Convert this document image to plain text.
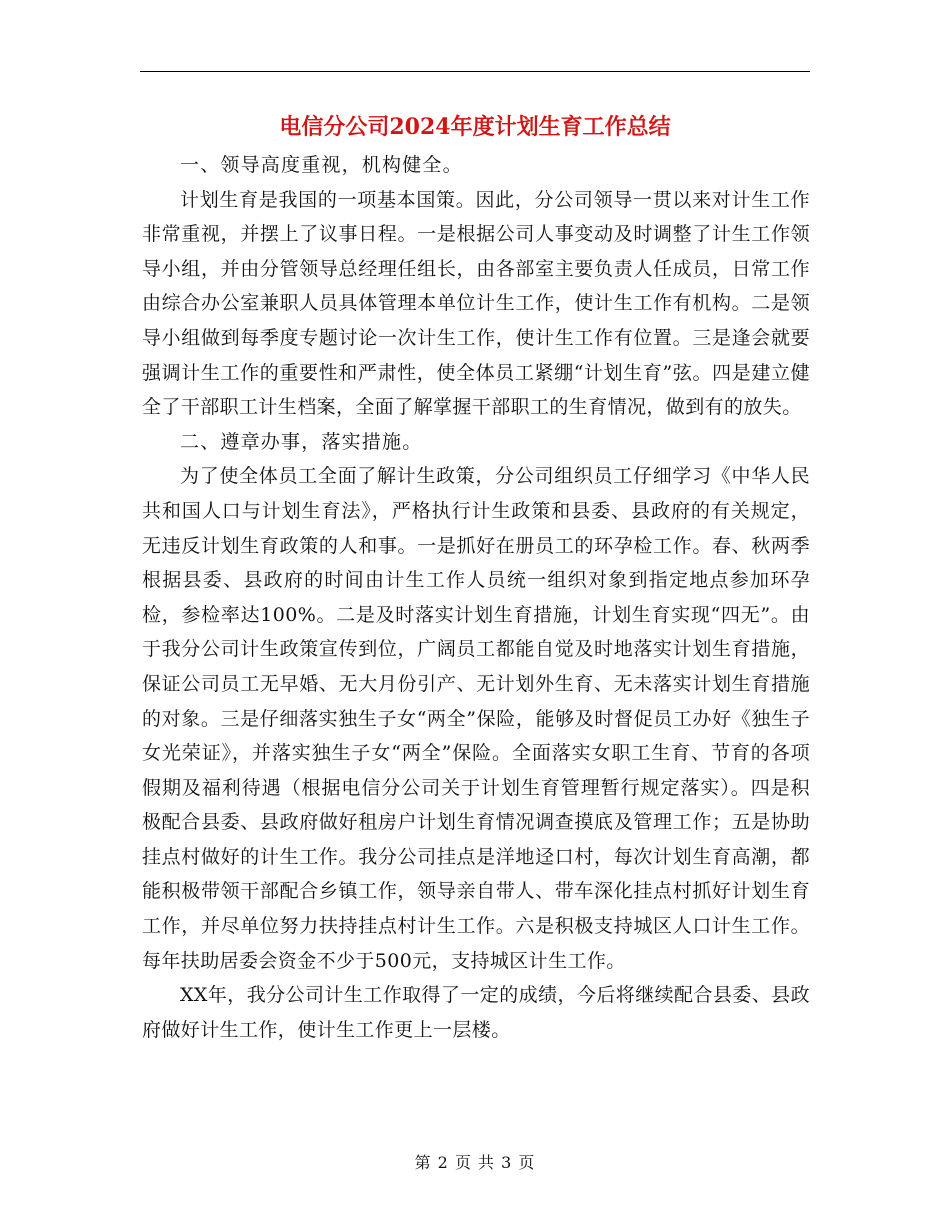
电信分公司2024年度计划生育工作总结

一、领导高度重视，机构健全。

计划生育是我国的一项基本国策。因此，分公司领导一贯以来对计生工作非常重视，并摆上了议事日程。一是根据公司人事变动及时调整了计生工作领导小组，并由分管领导总经理任组长，由各部室主要负责人任成员，日常工作由综合办公室兼职人员具体管理本单位计生工作，使计生工作有机构。二是领导小组做到每季度专题讨论一次计生工作，使计生工作有位置。三是逢会就要强调计生工作的重要性和严肃性，使全体员工紧绷“计划生育”弦。四是建立健全了干部职工计生档案，全面了解掌握干部职工的生育情况，做到有的放失。

二、遵章办事，落实措施。

为了使全体员工全面了解计生政策，分公司组织员工仔细学习《中华人民共和国人口与计划生育法》，严格执行计生政策和县委、县政府的有关规定，无违反计划生育政策的人和事。一是抓好在册员工的环孕检工作。春、秋两季根据县委、县政府的时间由计生工作人员统一组织对象到指定地点参加环孕检，参检率达100%。二是及时落实计划生育措施，计划生育实现“四无”。由于我分公司计生政策宣传到位，广阔员工都能自觉及时地落实计划生育措施，保证公司员工无早婚、无大月份引产、无计划外生育、无未落实计划生育措施的对象。三是仔细落实独生子女“两全”保险，能够及时督促员工办好《独生子女光荣证》，并落实独生子女“两全”保险。全面落实女职工生育、节育的各项假期及福利待遇（根据电信分公司关于计划生育管理暂行规定落实）。四是积极配合县委、县政府做好租房户计划生育情况调查摸底及管理工作；五是协助挂点村做好的计生工作。我分公司挂点是洋地迳口村，每次计划生育高潮，都能积极带领干部配合乡镇工作，领导亲自带人、带车深化挂点村抓好计划生育工作，并尽单位努力扶持挂点村计生工作。六是积极支持城区人口计生工作。每年扶助居委会资金不少于500元，支持城区计生工作。

XX年，我分公司计生工作取得了一定的成绩，今后将继续配合县委、县政府做好计生工作，使计生工作更上一层楼。

第 2 页 共 3 页
